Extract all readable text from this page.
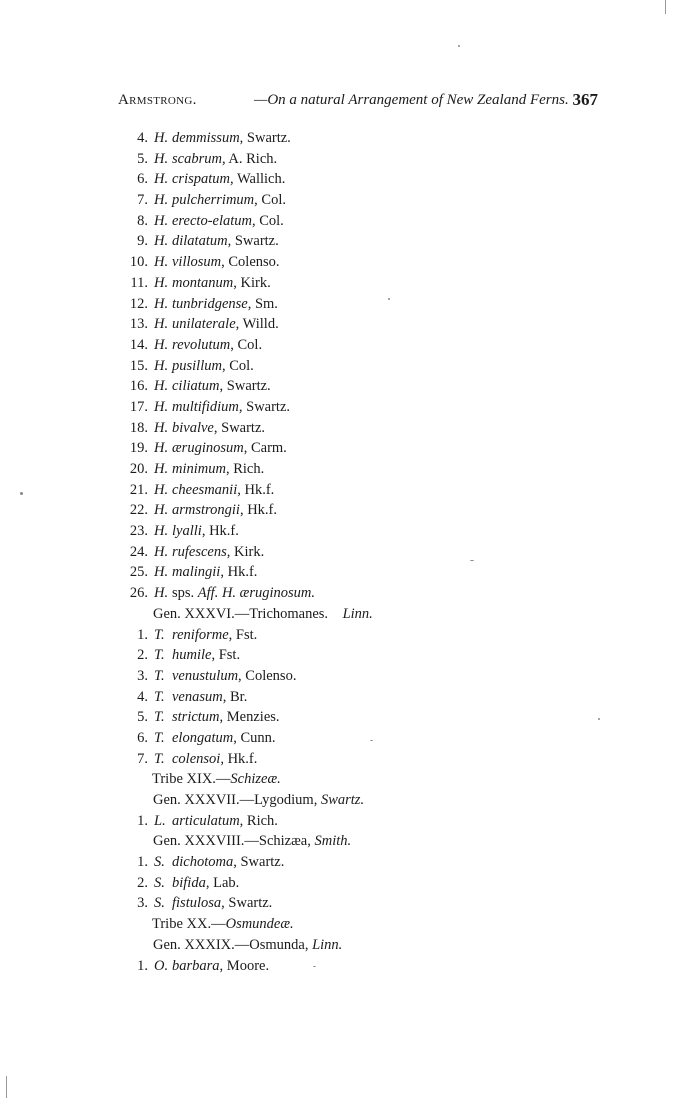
Armstrong.	—On a natural Arrangement of New Zealand Ferns. 367
4. H. demmissum, Swartz.
5. H. scabrum, A. Rich.
6. H. crispatum, Wallich.
7. H. pulcherrimum, Col.
8. H. erecto-elatum, Col.
9. H. dilatatum, Swartz.
10. H. villosum, Colenso.
11. H. montanum, Kirk.
12. H. tunbridgense, Sm.
13. H. unilaterale, Willd.
14. H. revolutum, Col.
15. H. pusillum, Col.
16. H. ciliatum, Swartz.
17. H. multifidium, Swartz.
18. H. bivalve, Swartz.
19. H. æruginosum, Carm.
20. H. minimum, Rich.
21. H. cheesmanii, Hk.f.
22. H. armstrongii, Hk.f.
23. H. lyalli, Hk.f.
24. H. rufescens, Kirk.
25. H. malingii, Hk.f.
26. H. sps. Aff. H. æruginosum.
Gen. XXXVI.—Trichomanes. Linn.
1. T. reniforme, Fst.
2. T. humile, Fst.
3. T. venustulum, Colenso.
4. T. venasum, Br.
5. T. strictum, Menzies.
6. T. elongatum, Cunn.
7. T. colensoi, Hk.f.
Tribe XIX.—Schizeæ.
Gen. XXXVII.—Lygodium, Swartz.
1. L. articulatum, Rich.
Gen. XXXVIII.—Schizæa, Smith.
1. S. dichotoma, Swartz.
2. S. bifida, Lab.
3. S. fistulosa, Swartz.
Tribe XX.—Osmundeæ.
Gen. XXXIX.—Osmunda, Linn.
1. O. barbara, Moore.
